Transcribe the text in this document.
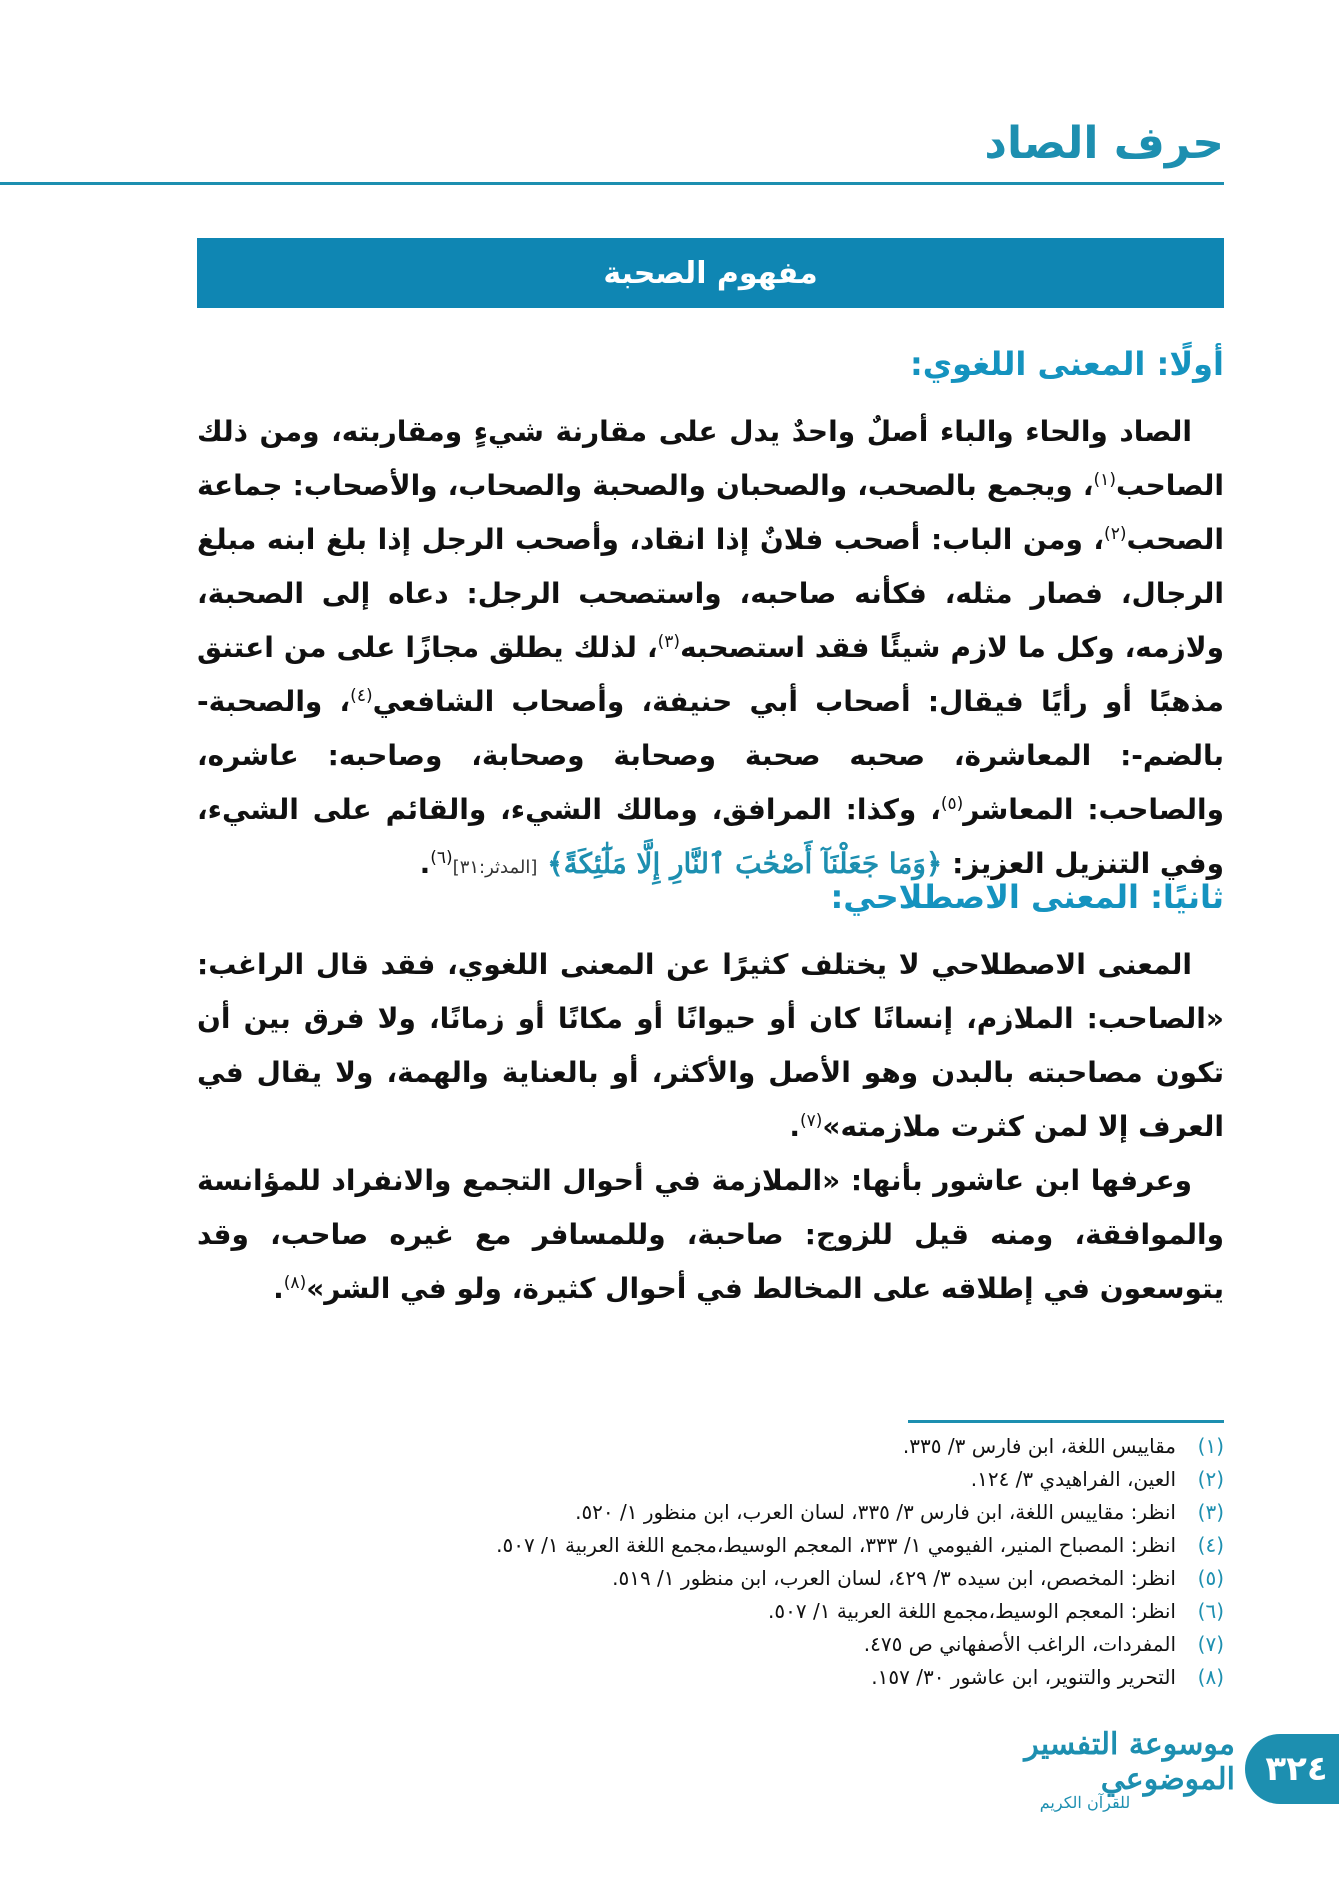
حرف الصاد
مفهوم الصحبة
أولًا: المعنى اللغوي:

الصاد والحاء والباء أصلٌ واحدٌ يدل على مقارنة شيءٍ ومقاربته، ومن ذلك الصاحب$^{(١)}$، ويجمع بالصحب، والصحبان والصحبة والصحاب، والأصحاب: جماعة الصحب$^{(٢)}$، ومن الباب: أصحب فلانٌ إذا انقاد، وأصحب الرجل إذا بلغ ابنه مبلغ الرجال، فصار مثله، فكأنه صاحبه، واستصحب الرجل: دعاه إلى الصحبة، ولازمه، وكل ما لازم شيئًا فقد استصحبه$^{(٣)}$، لذلك يطلق مجازًا على من اعتنق مذهبًا أو رأيًا فيقال: أصحاب أبي حنيفة، وأصحاب الشافعي$^{(٤)}$، والصحبة- بالضم-: المعاشرة، صحبه صحبة وصحابة وصحابة، وصاحبه: عاشره، والصاحب: المعاشر$^{(٥)}$، وكذا: المرافق، ومالك الشيء، والقائم على الشيء، وفي التنزيل العزيز: ﴿وَمَا جَعَلْنَآ أَصْحَٰبَ ٱلنَّارِ إِلَّا مَلَٰٓئِكَةً﴾ [المدثر:٣١]$^{(٦)}$.

ثانيًا: المعنى الاصطلاحي:

المعنى الاصطلاحي لا يختلف كثيرًا عن المعنى اللغوي، فقد قال الراغب: «الصاحب: الملازم، إنسانًا كان أو حيوانًا أو مكانًا أو زمانًا، ولا فرق بين أن تكون مصاحبته بالبدن وهو الأصل والأكثر، أو بالعناية والهمة، ولا يقال في العرف إلا لمن كثرت ملازمته»$^{(٧)}$.

وعرفها ابن عاشور بأنها: «الملازمة في أحوال التجمع والانفراد للمؤانسة والموافقة، ومنه قيل للزوج: صاحبة، وللمسافر مع غيره صاحب، وقد يتوسعون في إطلاقه على المخالط في أحوال كثيرة، ولو في الشر»$^{(٨)}$.

(١)
مقاييس اللغة، ابن فارس ٣/ ٣٣٥.
(٢)
العين، الفراهيدي ٣/ ١٢٤.
(٣)
انظر: مقاييس اللغة، ابن فارس ٣/ ٣٣٥، لسان العرب، ابن منظور ١/ ٥٢٠.
(٤)
انظر: المصباح المنير، الفيومي ١/ ٣٣٣، المعجم الوسيط،مجمع اللغة العربية ١/ ٥٠٧.
(٥)
انظر: المخصص، ابن سيده ٣/ ٤٢٩، لسان العرب، ابن منظور ١/ ٥١٩.
(٦)
انظر: المعجم الوسيط،مجمع اللغة العربية ١/ ٥٠٧.
(٧)
المفردات، الراغب الأصفهاني ص ٤٧٥.
(٨)
التحرير والتنوير، ابن عاشور ٣٠/ ١٥٧.
٣٢٤
موسوعة التفسير الموضوعي
للقرآن الكريم
